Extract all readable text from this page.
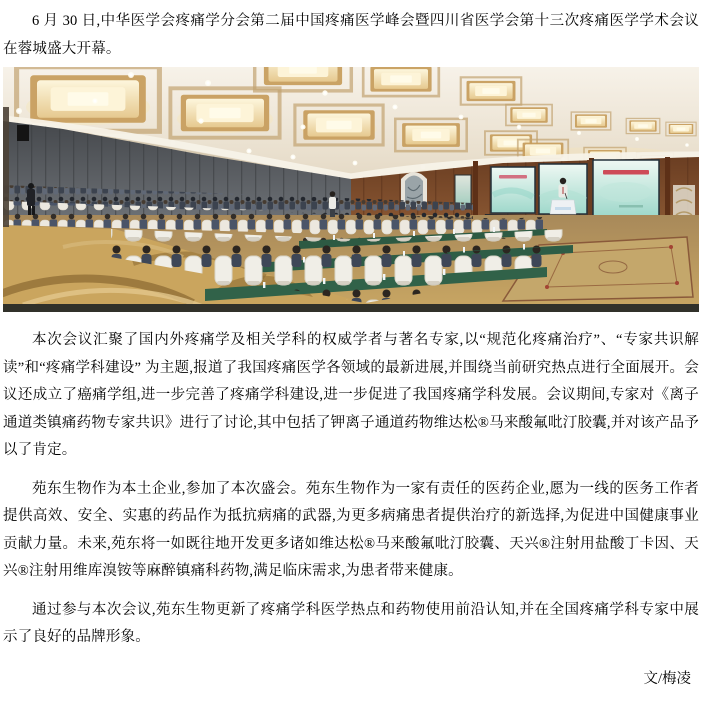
6 月 30 日,中华医学会疼痛学分会第二届中国疼痛医学峰会暨四川省医学会第十三次疼痛医学学术会议在蓉城盛大开幕。

本次会议汇聚了国内外疼痛学及相关学科的权威学者与著名专家,以“规范化疼痛治疗”、“专家共识解读”和“疼痛学科建设” 为主题,报道了我国疼痛医学各领域的最新进展,并围绕当前研究热点进行全面展开。会议还成立了癌痛学组,进一步完善了疼痛学科建设,进一步促进了我国疼痛学科发展。会议期间,专家对《离子通道类镇痛药物专家共识》进行了讨论,其中包括了钾离子通道药物维达松®马来酸氟吡汀胶囊,并对该产品予以了肯定。

苑东生物作为本土企业,参加了本次盛会。苑东生物作为一家有责任的医药企业,愿为一线的医务工作者提供高效、安全、实惠的药品作为抵抗病痛的武器,为更多病痛患者提供治疗的新选择,为促进中国健康事业贡献力量。未来,苑东将一如既往地开发更多诸如维达松®马来酸氟吡汀胶囊、天兴®注射用盐酸丁卡因、天兴®注射用维库溴铵等麻醉镇痛科药物,满足临床需求,为患者带来健康。

通过参与本次会议,苑东生物更新了疼痛学科医学热点和药物使用前沿认知,并在全国疼痛学科专家中展示了良好的品牌形象。

文/梅凌
